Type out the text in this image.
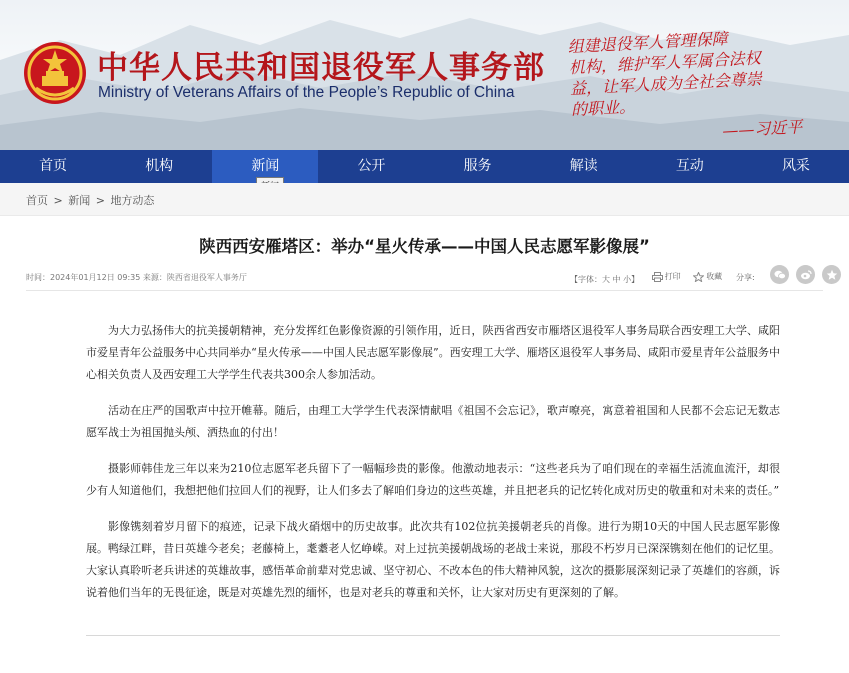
中华人民共和国退役军人事务部
Ministry of Veterans Affairs of the People’s Republic of China
组建退役军人管理保障
机构，维护军人军属合法权
益，让军人成为全社会尊崇
的职业。
——习近平
首页	机构	新闻	公开	服务	解读	互动	风采
首页 > 新闻 > 地方动态
陕西西安雁塔区：举办“星火传承——中国人民志愿军影像展”
时间：2024年01月12日 09:35 来源：陕西省退役军人事务厅	【字体：大 中 小】	打印
	收藏 分享:

为大力弘扬伟大的抗美援朝精神，充分发挥红色影像资源的引领作用，近日，陕西省西安市雁塔区退役军人事务局联合西安理工大学、咸阳市爱星青年公益服务中心共同举办“星火传承——中国人民志愿军影像展”。西安理工大学、雁塔区退役军人事务局、咸阳市爱星青年公益服务中心相关负责人及西安理工大学学生代表共300余人参加活动。

活动在庄严的国歌声中拉开帷幕。随后，由理工大学学生代表深情献唱《祖国不会忘记》，歌声嘹亮，寓意着祖国和人民都不会忘记无数志愿军战士为祖国抛头颅、洒热血的付出！

摄影师韩佳龙三年以来为210位志愿军老兵留下了一幅幅珍贵的影像。他激动地表示：“这些老兵为了咱们现在的幸福生活流血流汗，却很少有人知道他们，我想把他们拉回人们的视野，让人们多去了解咱们身边的这些英雄，并且把老兵的记忆转化成对历史的敬重和对未来的责任。”

影像镌刻着岁月留下的痕迹，记录下战火硝烟中的历史故事。此次共有102位抗美援朝老兵的肖像。进行为期10天的中国人民志愿军影像展。鸭绿江畔，昔日英雄今老矣；老藤椅上，耄耋老人忆峥嵘。对上过抗美援朝战场的老战士来说，那段不朽岁月已深深镌刻在他们的记忆里。大家认真聆听老兵讲述的英雄故事，感悟革命前辈对党忠诚、坚守初心、不改本色的伟大精神风貌，这次的摄影展深刻记录了英雄们的容颜，诉说着他们当年的无畏征途，既是对英雄先烈的缅怀，也是对老兵的尊重和关怀，让大家对历史有更深刻的了解。
